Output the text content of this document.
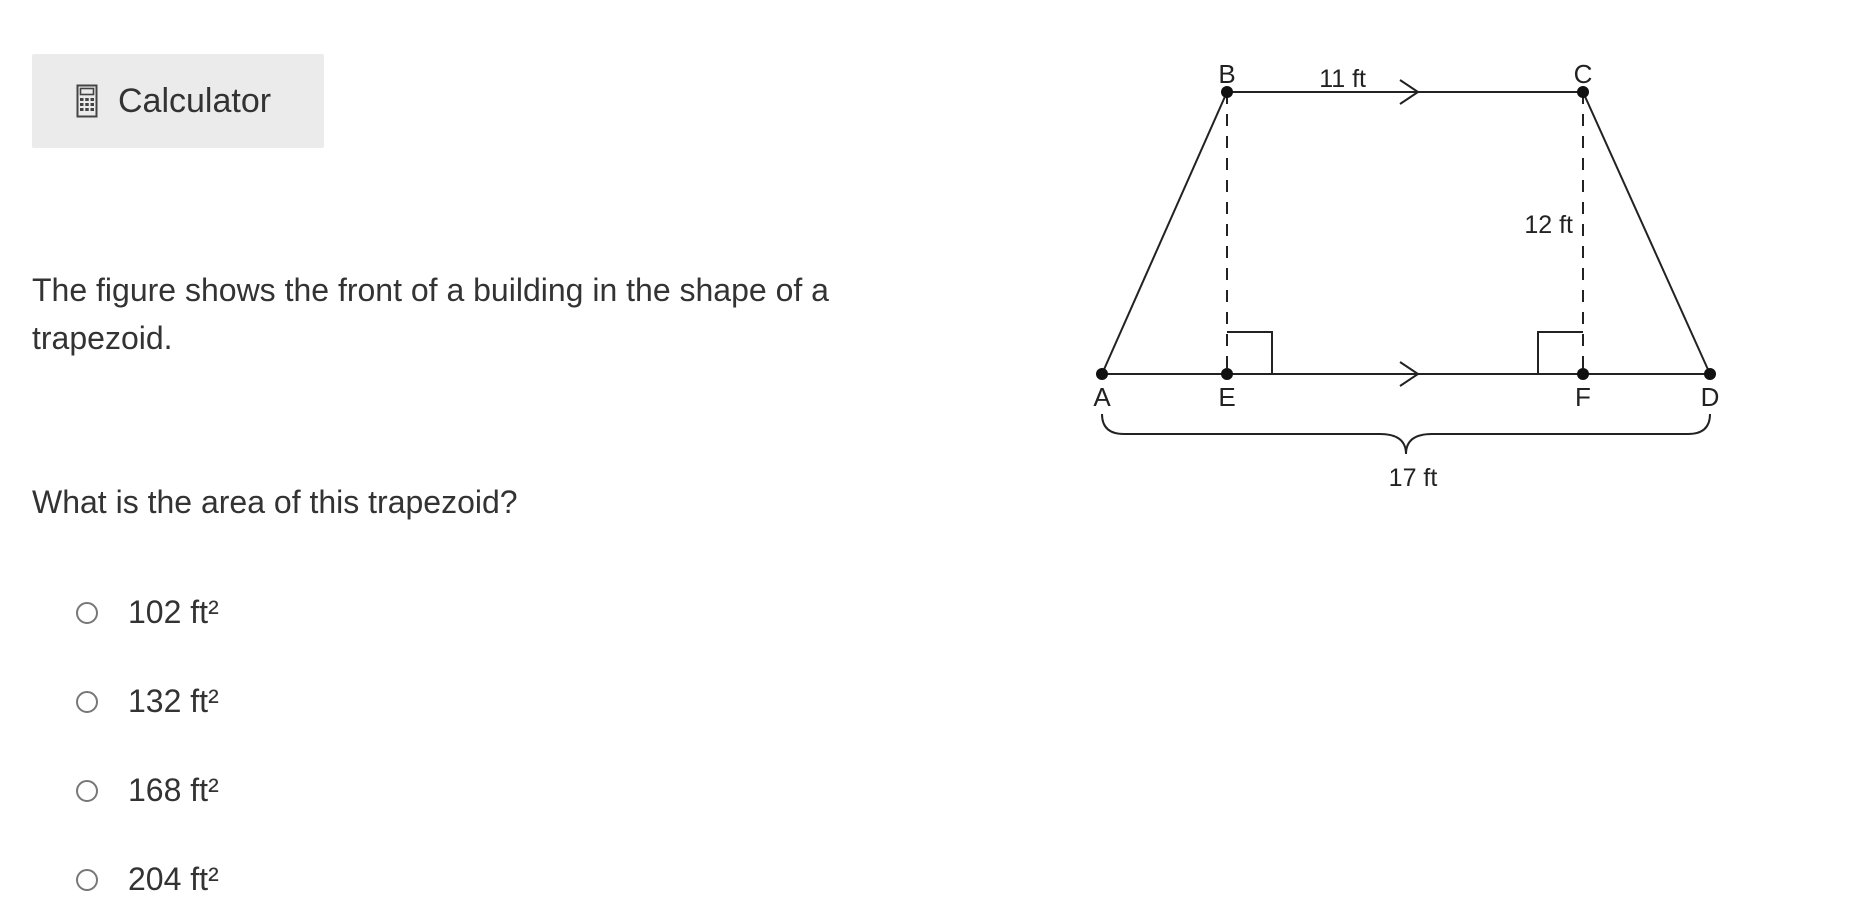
Calculator

The figure shows the front of a building in the shape of a trapezoid.

What is the area of this trapezoid?

102 ft²
132 ft²
168 ft²
204 ft²
B	C
A	E	F	D
11 ft
12 ft
17 ft
